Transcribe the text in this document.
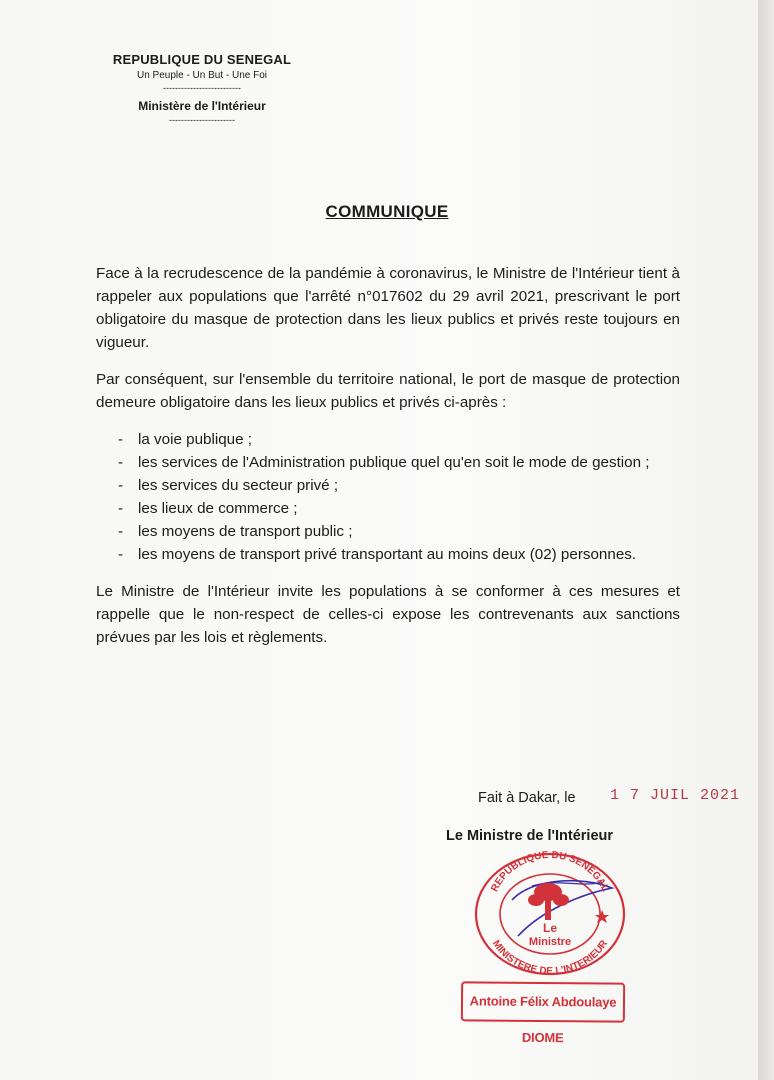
REPUBLIQUE DU SENEGAL
Un Peuple - Un But - Une Foi
--------------------------
Ministère de l'Intérieur
----------------------
COMMUNIQUE

Face à la recrudescence de la pandémie à coronavirus, le Ministre de l'Intérieur tient à rappeler aux populations que l'arrêté n°017602 du 29 avril 2021, prescrivant le port obligatoire du masque de protection dans les lieux publics et privés reste toujours en vigueur.

Par conséquent, sur l'ensemble du territoire national, le port de masque de protection demeure obligatoire dans les lieux publics et privés ci-après :

- la voie publique ;
- les services de l'Administration publique quel qu'en soit le mode de gestion ;
- les services du secteur privé ;
- les lieux de commerce ;
- les moyens de transport public ;
- les moyens de transport privé transportant au moins deux (02) personnes.

Le Ministre de l'Intérieur invite les populations à se conformer à ces mesures et rappelle que le non-respect de celles-ci expose les contrevenants aux sanctions prévues par les lois et règlements.

Fait à Dakar, le 1 7 JUIL 2021
Le Ministre de l'Intérieur
REPUBLIQUE DU SENEGAL
MINISTERE DE L'INTERIEUR
Le
Ministre
Antoine Félix Abdoulaye DIOME
